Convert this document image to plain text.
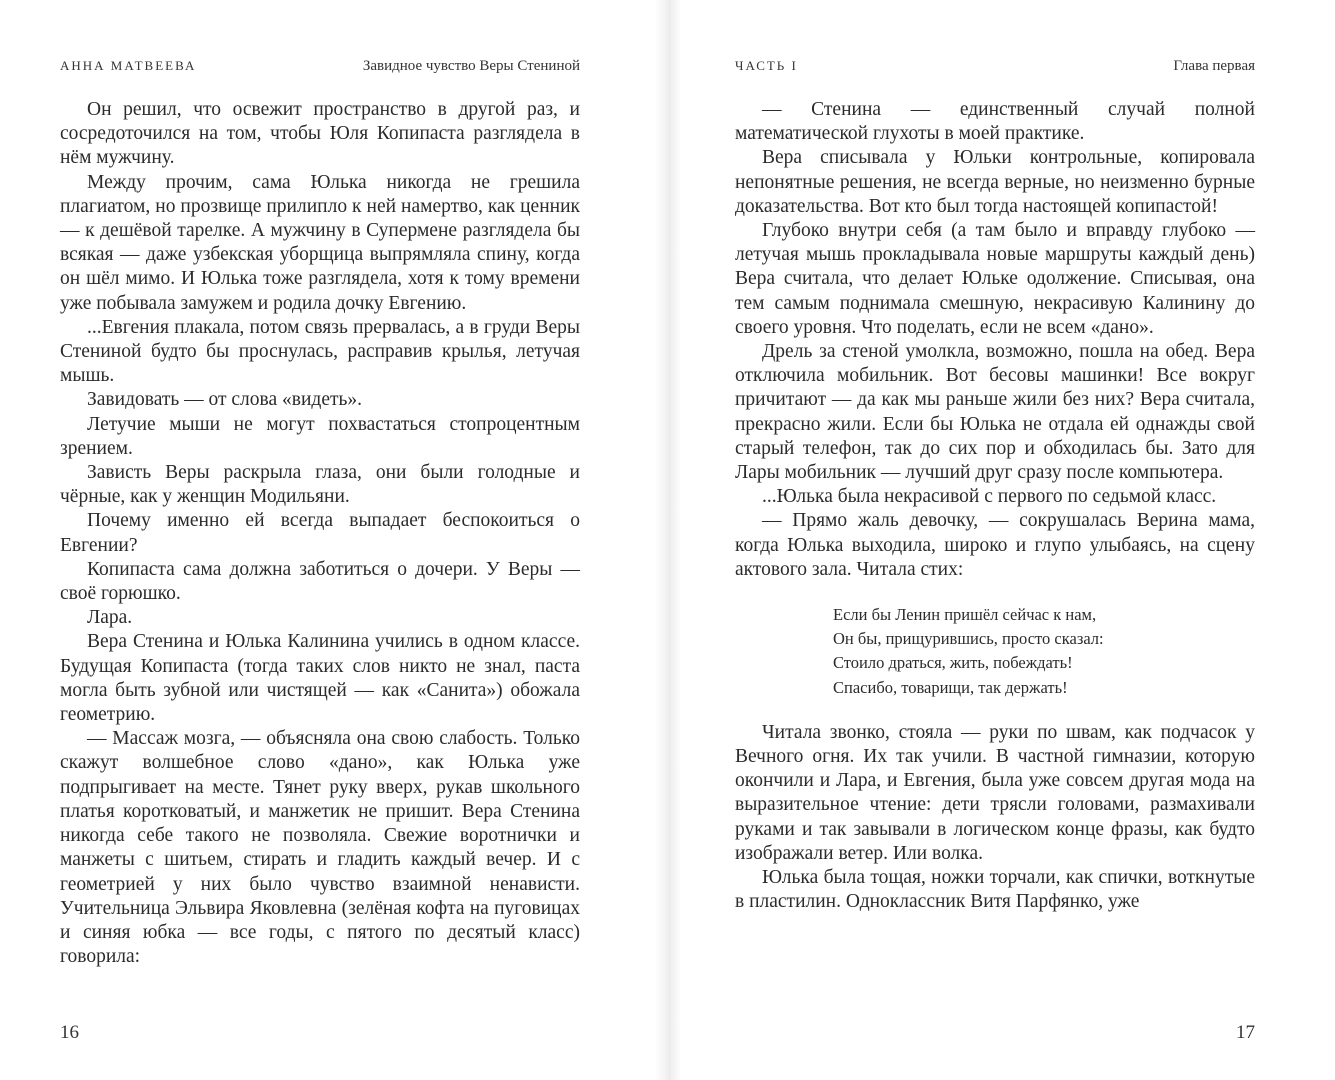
АННА МАТВЕЕВА	Завидное чувство Веры Стениной

Он решил, что освежит пространство в другой раз, и сосредоточился на том, чтобы Юля Копипаста разглядела в нём мужчину.

Между прочим, сама Юлька никогда не грешила плагиатом, но прозвище прилипло к ней намертво, как ценник — к дешёвой тарелке. А мужчину в Супермене разглядела бы всякая — даже узбекская уборщица выпрямляла спину, когда он шёл мимо. И Юлька тоже разглядела, хотя к тому времени уже побывала замужем и родила дочку Евгению.

...Евгения плакала, потом связь прервалась, а в груди Веры Стениной будто бы проснулась, расправив крылья, летучая мышь.

Завидовать — от слова «видеть».

Летучие мыши не могут похвастаться стопроцентным зрением.

Зависть Веры раскрыла глаза, они были голодные и чёрные, как у женщин Модильяни.

Почему именно ей всегда выпадает беспокоиться о Евгении?

Копипаста сама должна заботиться о дочери. У Веры — своё горюшко.

Лара.

Вера Стенина и Юлька Калинина учились в одном классе. Будущая Копипаста (тогда таких слов никто не знал, паста могла быть зубной или чистящей — как «Санита») обожала геометрию.

— Массаж мозга, — объясняла она свою слабость. Только скажут волшебное слово «дано», как Юлька уже подпрыгивает на месте. Тянет руку вверх, рукав школьного платья коротковатый, и манжетик не пришит. Вера Стенина никогда себе такого не позволяла. Свежие воротнички и манжеты с шитьем, стирать и гладить каждый вечер. И с геометрией у них было чувство взаимной ненависти. Учительница Эльвира Яковлевна (зелёная кофта на пуговицах и синяя юбка — все годы, с пятого по десятый класс) говорила:

16
ЧАСТЬ I	Глава первая

— Стенина — единственный случай полной математической глухоты в моей практике.

Вера списывала у Юльки контрольные, копировала непонятные решения, не всегда верные, но неизменно бурные доказательства. Вот кто был тогда настоящей копипастой!

Глубоко внутри себя (а там было и вправду глубоко — летучая мышь прокладывала новые маршруты каждый день) Вера считала, что делает Юльке одолжение. Списывая, она тем самым поднимала смешную, некрасивую Калинину до своего уровня. Что поделать, если не всем «дано».

Дрель за стеной умолкла, возможно, пошла на обед. Вера отключила мобильник. Вот бесовы машинки! Все вокруг причитают — да как мы раньше жили без них? Вера считала, прекрасно жили. Если бы Юлька не отдала ей однажды свой старый телефон, так до сих пор и обходилась бы. Зато для Лары мобильник — лучший друг сразу после компьютера.

...Юлька была некрасивой с первого по седьмой класс.

— Прямо жаль девочку, — сокрушалась Верина мама, когда Юлька выходила, широко и глупо улыбаясь, на сцену актового зала. Читала стих:

Если бы Ленин пришёл сейчас к нам,
Он бы, прищурившись, просто сказал:
Стоило драться, жить, побеждать!
Спасибо, товарищи, так держать!

Читала звонко, стояла — руки по швам, как подчасок у Вечного огня. Их так учили. В частной гимназии, которую окончили и Лара, и Евгения, была уже совсем другая мода на выразительное чтение: дети трясли головами, размахивали руками и так завывали в логическом конце фразы, как будто изображали ветер. Или волка.

Юлька была тощая, ножки торчали, как спички, воткнутые в пластилин. Одноклассник Витя Парфянко, уже

17
